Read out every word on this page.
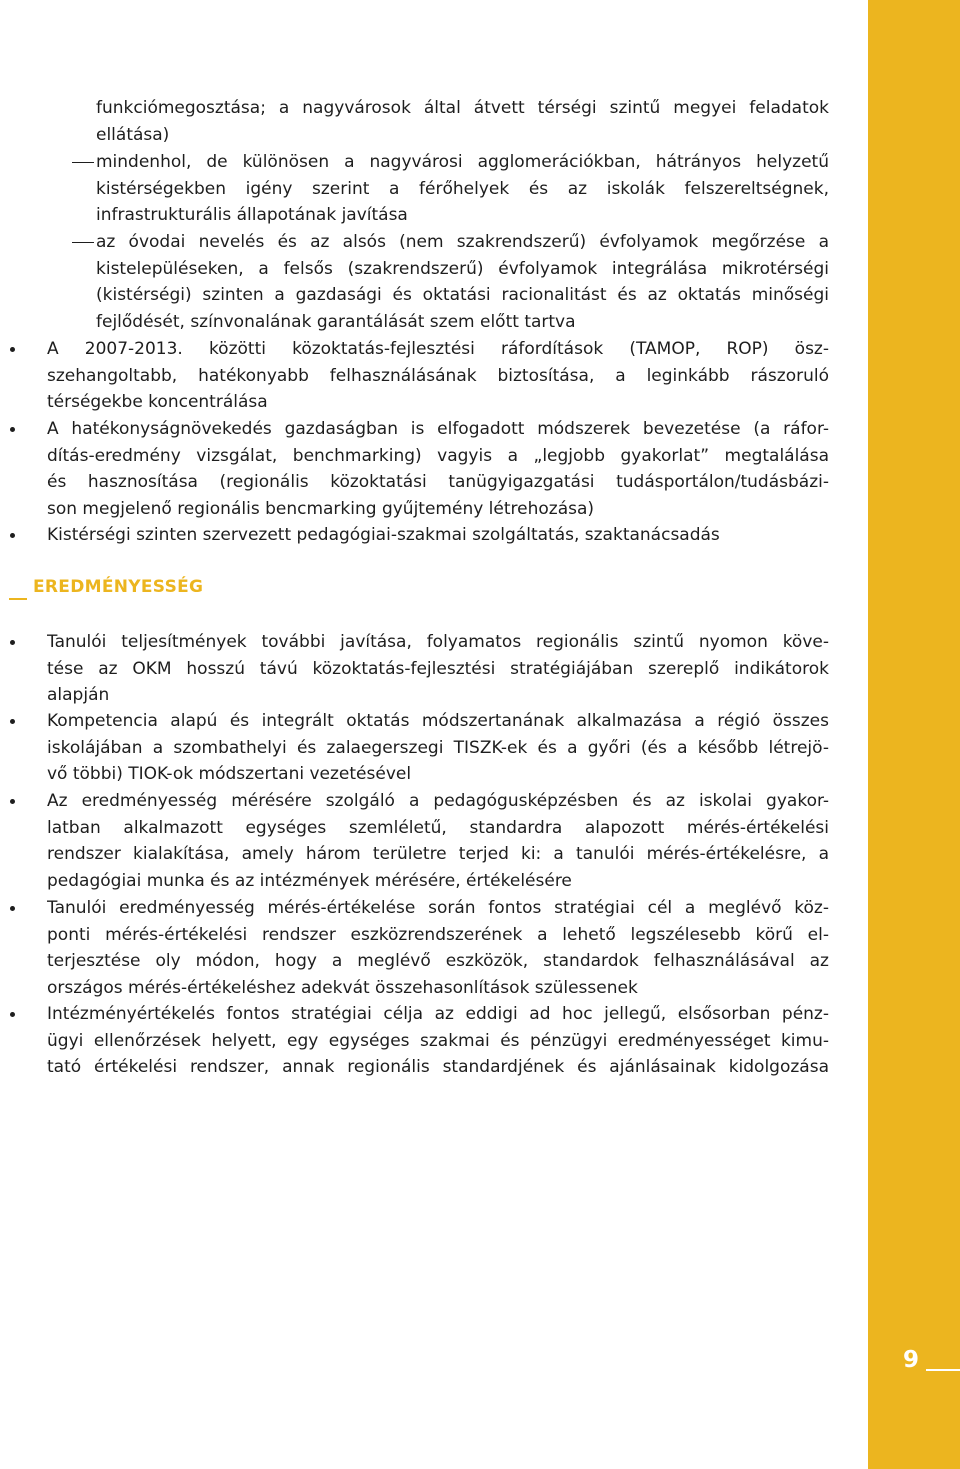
9
funkciómegosztása; a nagyvárosok által átvett térségi szintű megyei feladatok
ellátása)
mindenhol, de különösen a nagyvárosi agglomerációkban, hátrányos helyzetű
kistérségekben igény szerint a férőhelyek és az iskolák felszereltségnek,
infrastrukturális állapotának javítása
az óvodai nevelés és az alsós (nem szakrendszerű) évfolyamok megőrzése a
kistelepüléseken, a felsős (szakrendszerű) évfolyamok integrálása mikrotérségi
(kistérségi) szinten a gazdasági és oktatási racionalitást és az oktatás minőségi
fejlődését, színvonalának garantálását szem előtt tartva
A 2007-2013. közötti közoktatás-fejlesztési ráfordítások (TAMOP, ROP) ösz-
szehangoltabb, hatékonyabb felhasználásának biztosítása, a leginkább rászoruló
térségekbe koncentrálása
A hatékonyságnövekedés gazdaságban is elfogadott módszerek bevezetése (a ráfor-
dítás-eredmény vizsgálat, benchmarking) vagyis a „legjobb gyakorlat” megtalálása
és hasznosítása (regionális közoktatási tanügyigazgatási tudásportálon/tudásbázi-
son megjelenő regionális bencmarking gyűjtemény létrehozása)
Kistérségi szinten szervezett pedagógiai-szakmai szolgáltatás, szaktanácsadás
Tanulói teljesítmények további javítása, folyamatos regionális szintű nyomon köve-
tése az OKM hosszú távú közoktatás-fejlesztési stratégiájában szereplő indikátorok
alapján
Kompetencia alapú és integrált oktatás módszertanának alkalmazása a régió összes
iskolájában a szombathelyi és zalaegerszegi TISZK-ek és a győri (és a később létrejö-
vő többi) TIOK-ok módszertani vezetésével
Az eredményesség mérésére szolgáló a pedagógusképzésben és az iskolai gyakor-
latban alkalmazott egységes szemléletű, standardra alapozott mérés-értékelési
rendszer kialakítása, amely három területre terjed ki: a tanulói mérés-értékelésre, a
pedagógiai munka és az intézmények mérésére, értékelésére
Tanulói eredményesség mérés-értékelése során fontos stratégiai cél a meglévő köz-
ponti mérés-értékelési rendszer eszközrendszerének a lehető legszélesebb körű el-
terjesztése oly módon, hogy a meglévő eszközök, standardok felhasználásával az
országos mérés-értékeléshez adekvát összehasonlítások szülessenek
Intézményértékelés fontos stratégiai célja az eddigi ad hoc jellegű, elsősorban pénz-
ügyi ellenőrzések helyett, egy egységes szakmai és pénzügyi eredményességet kimu-
tató értékelési rendszer, annak regionális standardjének és ajánlásainak kidolgozása
EREDMÉNYESSÉG
